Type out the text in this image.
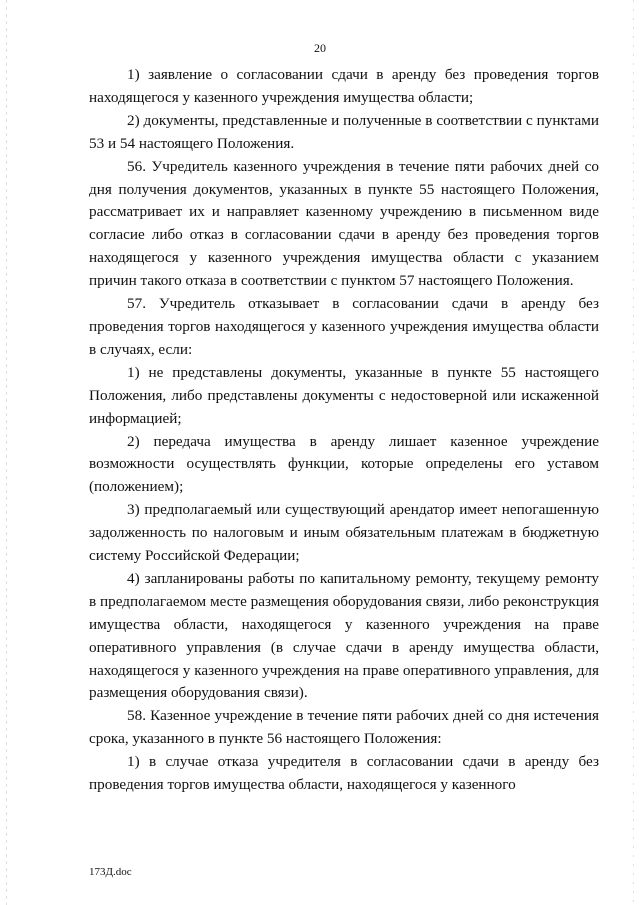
20

1) заявление о согласовании сдачи в аренду без проведения торгов находящегося у казенного учреждения имущества области;

2) документы, представленные и полученные в соответствии с пунктами 53 и 54 настоящего Положения.

56. Учредитель казенного учреждения в течение пяти рабочих дней со дня получения документов, указанных в пункте 55 настоящего Положения, рассматривает их и направляет казенному учреждению в письменном виде согласие либо отказ в согласовании сдачи в аренду без проведения торгов находящегося у казенного учреждения имущества области с указанием причин такого отказа в соответствии с пунктом 57 настоящего Положения.

57. Учредитель отказывает в согласовании сдачи в аренду без проведения торгов находящегося у казенного учреждения имущества области в случаях, если:

1) не представлены документы, указанные в пункте 55 настоящего Положения, либо представлены документы с недостоверной или искаженной информацией;

2) передача имущества в аренду лишает казенное учреждение возможности осуществлять функции, которые определены его уставом (положением);

3) предполагаемый или существующий арендатор имеет непогашенную задолженность по налоговым и иным обязательным платежам в бюджетную систему Российской Федерации;

4) запланированы работы по капитальному ремонту, текущему ремонту в предполагаемом месте размещения оборудования связи, либо реконструкция имущества области, находящегося у казенного учреждения на праве оперативного управления (в случае сдачи в аренду имущества области, находящегося у казенного учреждения на праве оперативного управления, для размещения оборудования связи).

58. Казенное учреждение в течение пяти рабочих дней со дня истечения срока, указанного в пункте 56 настоящего Положения:

1) в случае отказа учредителя в согласовании сдачи в аренду без проведения торгов имущества области, находящегося у казенного

173Д.doc
